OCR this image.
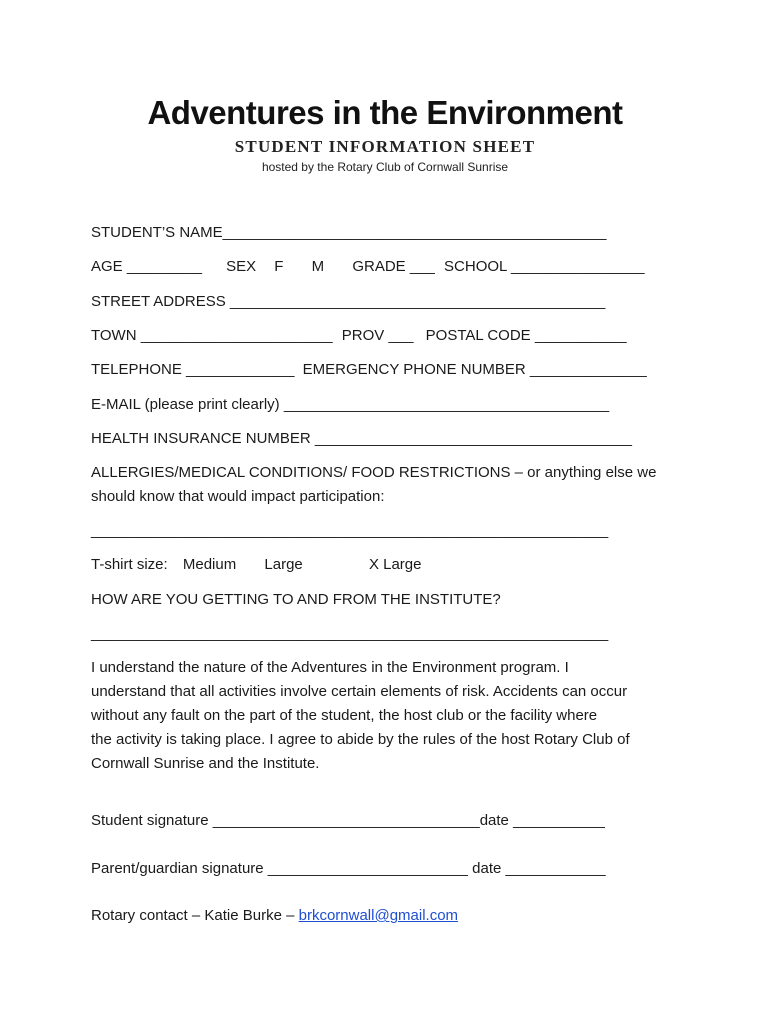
Adventures in the Environment
STUDENT INFORMATION SHEET
hosted by the Rotary Club of Cornwall Sunrise
STUDENT’S NAME______________________________________________
AGE _________ SEX F M GRADE ___ SCHOOL ________________
STREET ADDRESS _____________________________________________
TOWN _______________________ PROV ___ POSTAL CODE ___________
TELEPHONE _____________ EMERGENCY PHONE NUMBER ______________
E-MAIL (please print clearly) _______________________________________
HEALTH INSURANCE NUMBER ______________________________________
ALLERGIES/MEDICAL CONDITIONS/ FOOD RESTRICTIONS – or anything else we
should know that would impact participation:
______________________________________________________________
T-shirt size: Medium Large	X Large
HOW ARE YOU GETTING TO AND FROM THE INSTITUTE?
______________________________________________________________
I understand the nature of the Adventures in the Environment program. I
understand that all activities involve certain elements of risk. Accidents can occur
without any fault on the part of the student, the host club or the facility where
the activity is taking place. I agree to abide by the rules of the host Rotary Club of
Cornwall Sunrise and the Institute.
Student signature ________________________________date ___________
Parent/guardian signature ________________________ date ____________
Rotary contact – Katie Burke – brkcornwall@gmail.com
